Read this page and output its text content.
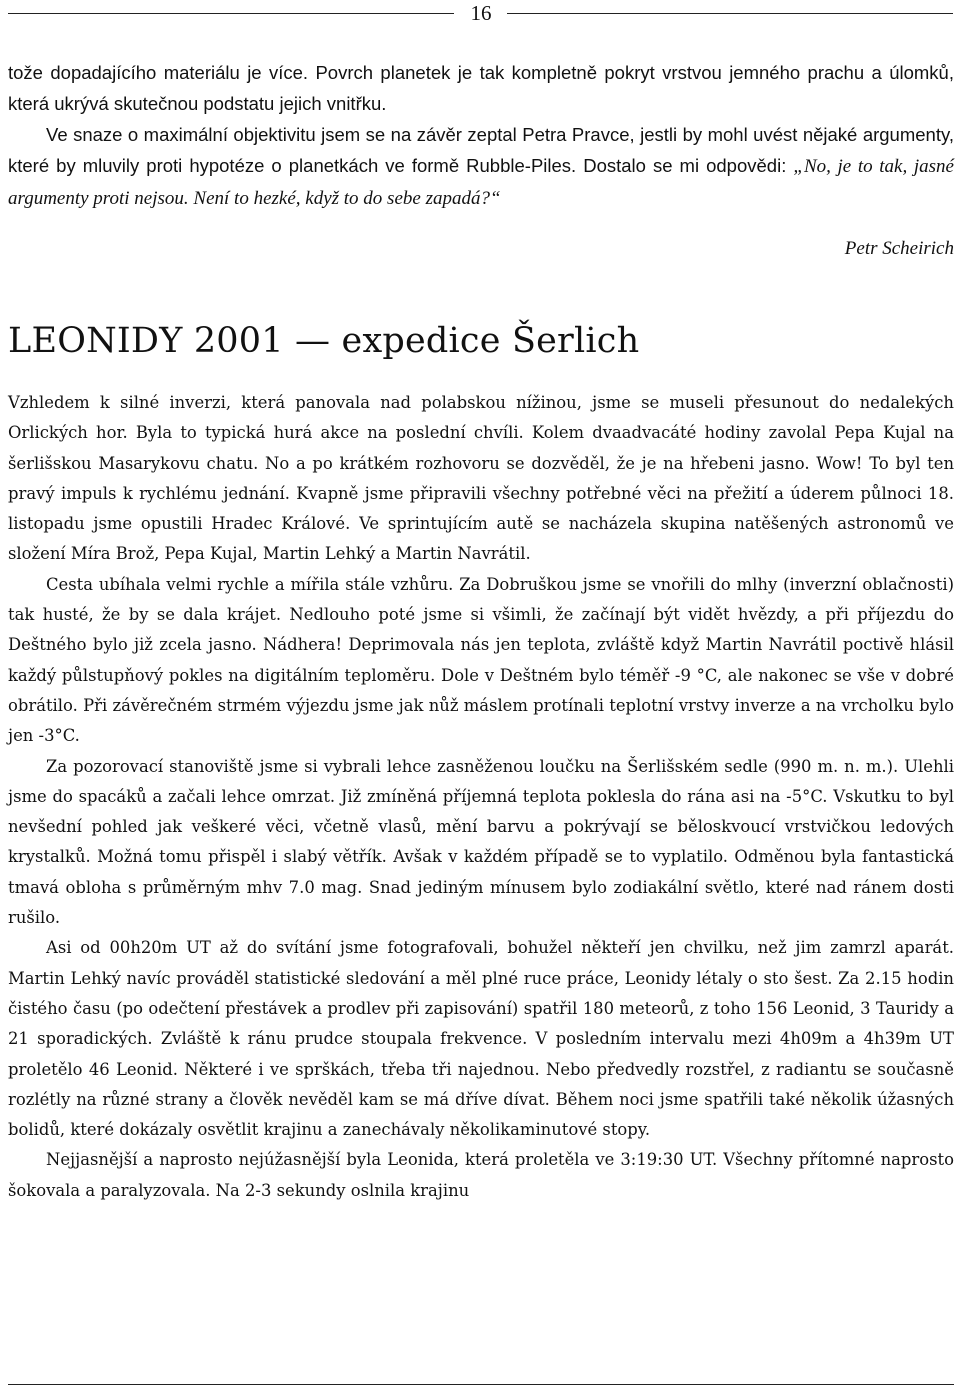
16

tože dopadajícího materiálu je více. Povrch planetek je tak kompletně pokryt vrstvou jemného prachu a úlomků, která ukrývá skutečnou podstatu jejich vnitřku.

Ve snaze o maximální objektivitu jsem se na závěr zeptal Petra Pravce, jestli by mohl uvést nějaké argumenty, které by mluvily proti hypotéze o planetkách ve formě Rubble-Piles. Dostalo se mi odpovědi: „No, je to tak, jasné argumenty proti nejsou. Není to hezké, když to do sebe zapadá?“

Petr Scheirich
LEONIDY 2001 — expedice Šerlich

Vzhledem k silné inverzi, která panovala nad polabskou nížinou, jsme se museli přesunout do nedalekých Orlických hor. Byla to typická hurá akce na poslední chvíli. Kolem dvaadvacáté hodiny zavolal Pepa Kujal na šerlišskou Masarykovu chatu. No a po krátkém rozhovoru se dozvěděl, že je na hřebeni jasno. Wow! To byl ten pravý impuls k rychlému jednání. Kvapně jsme připravili všechny potřebné věci na přežití a úderem půlnoci 18. listopadu jsme opustili Hradec Králové. Ve sprintujícím autě se nacházela skupina natěšených astronomů ve složení Míra Brož, Pepa Kujal, Martin Lehký a Martin Navrátil.

Cesta ubíhala velmi rychle a mířila stále vzhůru. Za Dobruškou jsme se vnořili do mlhy (inverzní oblačnosti) tak husté, že by se dala krájet. Nedlouho poté jsme si všimli, že začínají být vidět hvězdy, a při příjezdu do Deštného bylo již zcela jasno. Nádhera! Deprimovala nás jen teplota, zvláště když Martin Navrátil poctivě hlásil každý půlstupňový pokles na digitálním teploměru. Dole v Deštném bylo téměř -9 °C, ale nakonec se vše v dobré obrátilo. Při závěrečném strmém výjezdu jsme jak nůž máslem protínali teplotní vrstvy inverze a na vrcholku bylo jen -3°C.

Za pozorovací stanoviště jsme si vybrali lehce zasněženou loučku na Šerlišském sedle (990 m. n. m.). Ulehli jsme do spacáků a začali lehce omrzat. Již zmíněná příjemná teplota poklesla do rána asi na -5°C. Vskutku to byl nevšední pohled jak veškeré věci, včetně vlasů, mění barvu a pokrývají se běloskvoucí vrstvičkou ledových krystalků. Možná tomu přispěl i slabý větřík. Avšak v každém případě se to vyplatilo. Odměnou byla fantastická tmavá obloha s průměrným mhv 7.0 mag. Snad jediným mínusem bylo zodiakální světlo, které nad ránem dosti rušilo.

Asi od 00h20m UT až do svítání jsme fotografovali, bohužel někteří jen chvilku, než jim zamrzl aparát. Martin Lehký navíc prováděl statistické sledování a měl plné ruce práce, Leonidy létaly o sto šest. Za 2.15 hodin čistého času (po odečtení přestávek a prodlev při zapisování) spatřil 180 meteorů, z toho 156 Leonid, 3 Tauridy a 21 sporadických. Zvláště k ránu prudce stoupala frekvence. V posledním intervalu mezi 4h09m a 4h39m UT proletělo 46 Leonid. Některé i ve sprškách, třeba tři najednou. Nebo předvedly rozstřel, z radiantu se současně rozlétly na různé strany a člověk nevěděl kam se má dříve dívat. Během noci jsme spatřili také několik úžasných bolidů, které dokázaly osvětlit krajinu a zanechávaly několikaminutové stopy.

Nejjasnější a naprosto nejúžasnější byla Leonida, která proletěla ve 3:19:30 UT. Všechny přítomné naprosto šokovala a paralyzovala. Na 2-3 sekundy oslnila krajinu
